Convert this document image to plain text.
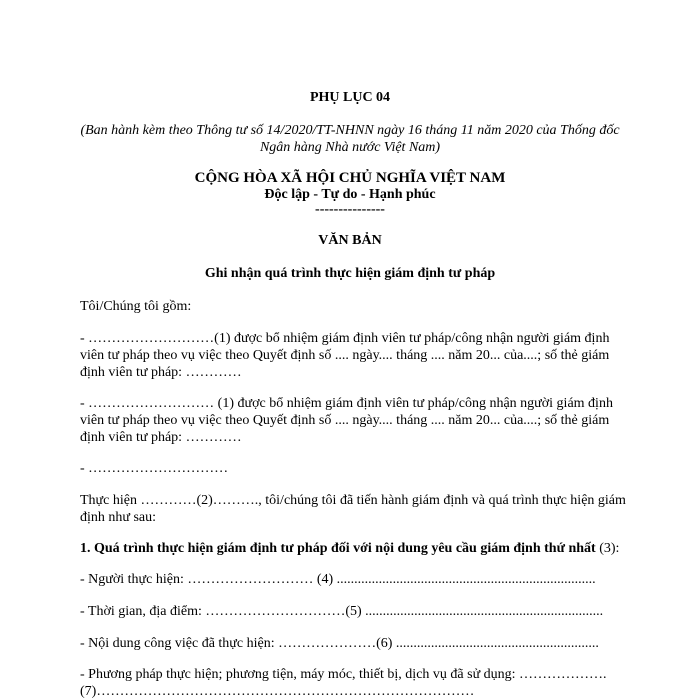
PHỤ LỤC 04
(Ban hành kèm theo Thông tư số 14/2020/TT-NHNN ngày 16 tháng 11 năm 2020 của Thống đốc
Ngân hàng Nhà nước Việt Nam)
CỘNG HÒA XÃ HỘI CHỦ NGHĨA VIỆT NAM
Độc lập - Tự do - Hạnh phúc
---------------
VĂN BẢN
Ghi nhận quá trình thực hiện giám định tư pháp
Tôi/Chúng tôi gồm:
- ………………………(1) được bổ nhiệm giám định viên tư pháp/công nhận người giám định
viên tư pháp theo vụ việc theo Quyết định số .... ngày.... tháng .... năm 20... của....; số thẻ giám
định viên tư pháp: …………
- ……………………… (1) được bổ nhiệm giám định viên tư pháp/công nhận người giám định
viên tư pháp theo vụ việc theo Quyết định số .... ngày.... tháng .... năm 20... của....; số thẻ giám
định viên tư pháp: …………
- …………………………
Thực hiện …………(2)………., tôi/chúng tôi đã tiến hành giám định và quá trình thực hiện giám
định như sau:
1. Quá trình thực hiện giám định tư pháp đối với nội dung yêu cầu giám định thứ nhất (3):
- Người thực hiện: ……………………… (4) ..........................................................................
- Thời gian, địa điểm: …………………………(5) ....................................................................
- Nội dung công việc đã thực hiện: …………………(6) ..........................................................
- Phương pháp thực hiện; phương tiện, máy móc, thiết bị, dịch vụ đã sử dụng: ……………….
(7)………………………………………………………………………
